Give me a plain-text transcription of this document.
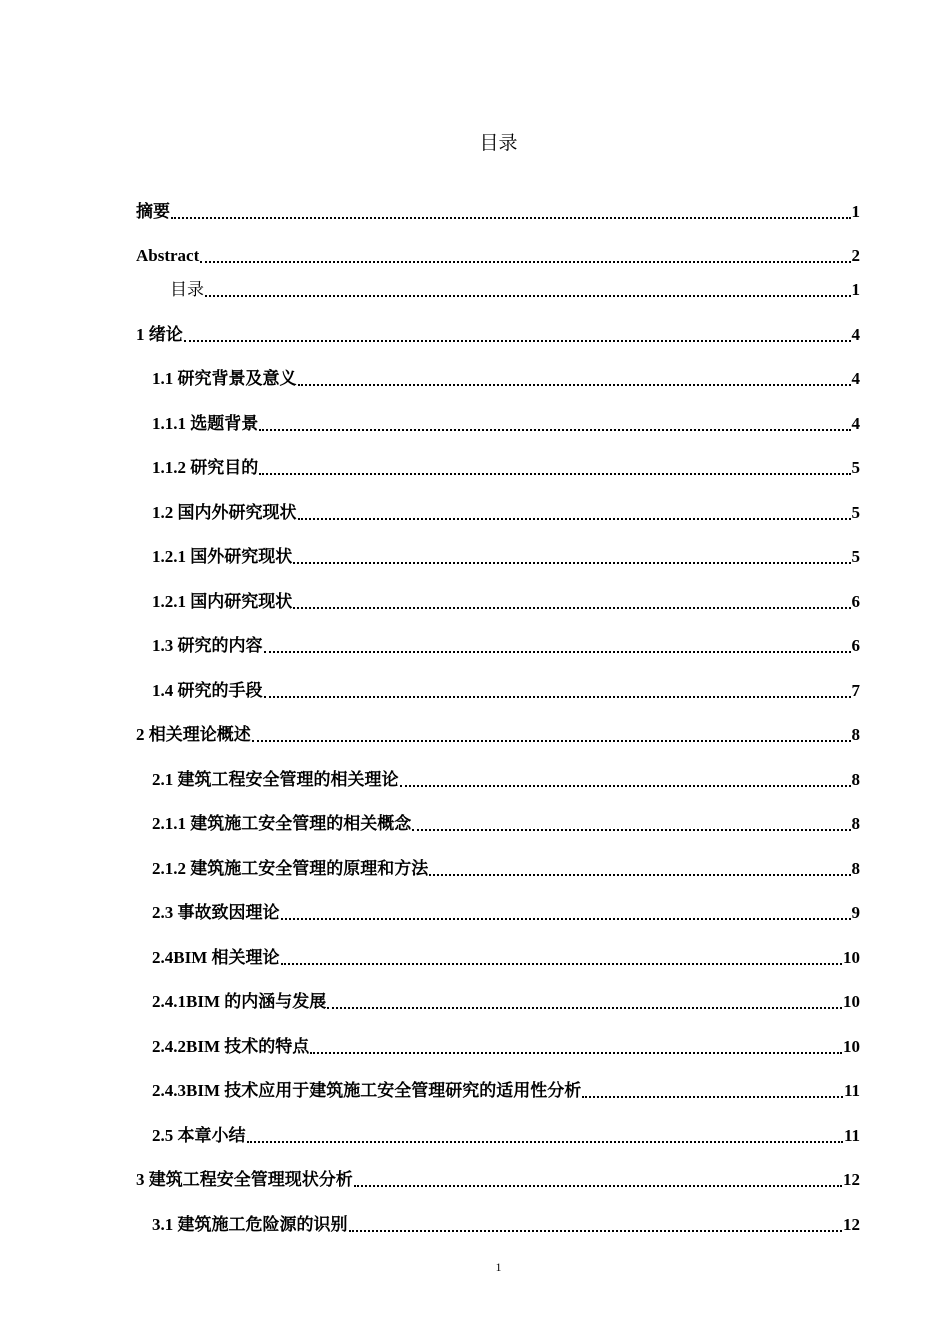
目录
摘要	1
Abstract	2
目录	1
1 绪论	4
1.1 研究背景及意义	4
1.1.1 选题背景	4
1.1.2 研究目的	5
1.2 国内外研究现状	5
1.2.1 国外研究现状	5
1.2.1 国内研究现状	6
1.3 研究的内容	6
1.4 研究的手段	7
2 相关理论概述	8
2.1 建筑工程安全管理的相关理论	8
2.1.1 建筑施工安全管理的相关概念	8
2.1.2 建筑施工安全管理的原理和方法	8
2.3 事故致因理论	9
2.4BIM 相关理论	10
2.4.1BIM 的内涵与发展	10
2.4.2BIM 技术的特点	10
2.4.3BIM 技术应用于建筑施工安全管理研究的适用性分析	11
2.5 本章小结	11
3 建筑工程安全管理现状分析	12
3.1 建筑施工危险源的识别	12
1
